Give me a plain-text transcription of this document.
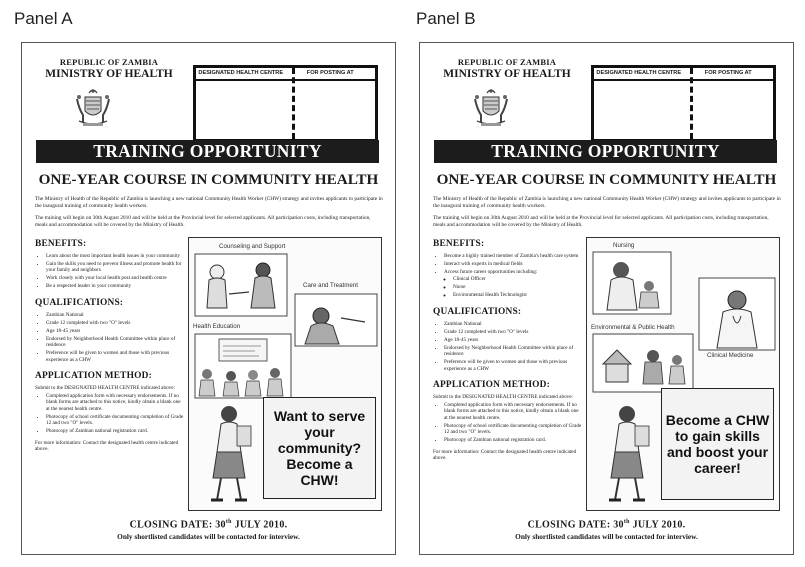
Panel A
REPUBLIC OF ZAMBIA
MINISTRY OF HEALTH	DESIGNATED HEALTH CENTRE	FOR POSTING AT
TRAINING OPPORTUNITY
ONE-YEAR COURSE IN COMMUNITY HEALTH

The Ministry of Health of the Republic of Zambia is launching a new national Community Health Worker (CHW) strategy and invites applicants to participate in the inaugural training of community health workers.

The training will begin on 30th August 2010 and will be held at the Provincial level for selected applicants. All participation costs, including transportation, meals and accommodation will be covered by the Ministry of Health.

BENEFITS:
• Learn about the most important health issues in your community
• Gain the skills you need to prevent illness and promote health for your family and neighbors
• Work closely with your local health post and health centre
• Be a respected leader in your community
QUALIFICATIONS:
• Zambian National
• Grade 12 completed with two "O" levels
• Age 18-45 years
• Endorsed by Neighborhood Health Committee within place of residence
• Preference will be given to women and those with previous experience as a CHW
APPLICATION METHOD:
Submit to the DESIGNATED HEALTH CENTRE indicated above:
• Completed application form with necessary endorsements. If no blank forms are attached to this notice, kindly obtain a blank one at the nearest health centre.
• Photocopy of school certificate documenting completion of Grade 12 and two "O" levels.
• Photocopy of Zambian national registration card.
For more information: Contact the designated health centre indicated above.
Counseling and Support
Care and Treatment
Health Education
Want to serve your community? Become a CHW!
CLOSING DATE: 30th JULY 2010.
Only shortlisted candidates will be contacted for interview.
Panel B
REPUBLIC OF ZAMBIA
MINISTRY OF HEALTH	DESIGNATED HEALTH CENTRE	FOR POSTING AT
TRAINING OPPORTUNITY
ONE-YEAR COURSE IN COMMUNITY HEALTH

The Ministry of Health of the Republic of Zambia is launching a new national Community Health Worker (CHW) strategy and invites applicants to participate in the inaugural training of community health workers.

The training will begin on 30th August 2010 and will be held at the Provincial level for selected applicants. All participation costs, including transportation, meals and accommodation will be covered by the Ministry of Health.

BENEFITS:
• Become a highly trained member of Zambia's health care system
• Interact with experts in medical fields
• Access future career opportunities including:
◦ Clinical Officer
◦ Nurse
◦ Environmental Health Technologist
QUALIFICATIONS:
• Zambian National
• Grade 12 completed with two "O" levels
• Age 18-45 years
• Endorsed by Neighborhood Health Committee within place of residence
• Preference will be given to women and those with previous experience as a CHW
APPLICATION METHOD:
Submit to the DESIGNATED HEALTH CENTRE indicated above:
• Completed application form with necessary endorsements. If no blank forms are attached to this notice, kindly obtain a blank one at the nearest health centre.
• Photocopy of school certificate documenting completion of Grade 12 and two "O" levels.
• Photocopy of Zambian national registration card.
For more information: Contact the designated health centre indicated above.
Nursing
Environmental & Public Health
Clinical Medicine
Become a CHW to gain skills and boost your career!
CLOSING DATE: 30th JULY 2010.
Only shortlisted candidates will be contacted for interview.
